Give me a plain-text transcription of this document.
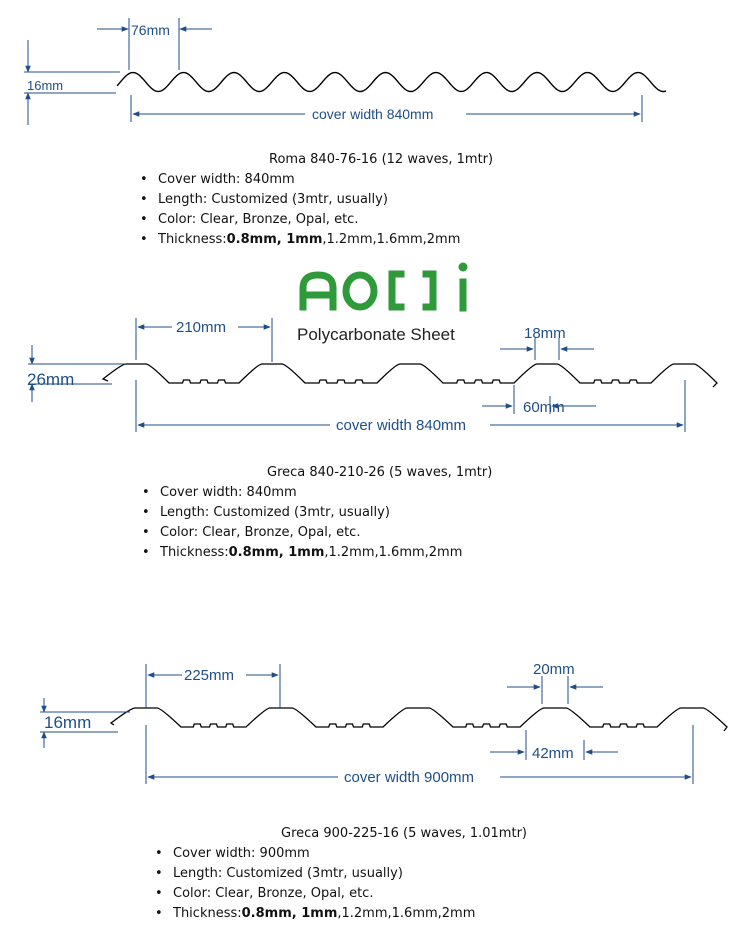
76mm
16mm
cover width 840mm
Polycarbonate Sheet
210mm
26mm
18mm
60mm
cover width 840mm
225mm
16mm
20mm
42mm
cover width 900mm
Roma 840-76-16 (12 waves, 1mtr)
• Cover width: 840mm
• Length: Customized (3mtr, usually)
• Color: Clear, Bronze, Opal, etc.
• Thickness:0.8mm, 1mm,1.2mm,1.6mm,2mm
Greca 840-210-26 (5 waves, 1mtr)
• Cover width: 840mm
• Length: Customized (3mtr, usually)
• Color: Clear, Bronze, Opal, etc.
• Thickness:0.8mm, 1mm,1.2mm,1.6mm,2mm
Greca 900-225-16 (5 waves, 1.01mtr)
• Cover width: 900mm
• Length: Customized (3mtr, usually)
• Color: Clear, Bronze, Opal, etc.
• Thickness:0.8mm, 1mm,1.2mm,1.6mm,2mm
